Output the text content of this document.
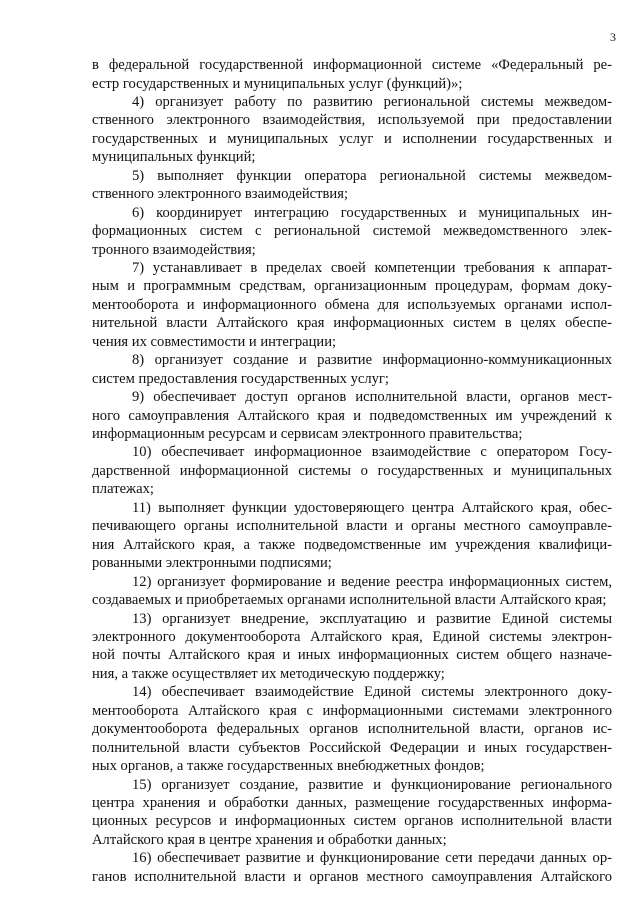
3
в федеральной государственной информационной системе «Федеральный ре-
естр государственных и муниципальных услуг (функций)»;
4) организует работу по развитию региональной системы межведом-
ственного электронного взаимодействия, используемой при предоставлении
государственных и муниципальных услуг и исполнении государственных и
муниципальных функций;
5) выполняет функции оператора региональной системы межведом-
ственного электронного взаимодействия;
6) координирует интеграцию государственных и муниципальных ин-
формационных систем с региональной системой межведомственного элек-
тронного взаимодействия;
7) устанавливает в пределах своей компетенции требования к аппарат-
ным и программным средствам, организационным процедурам, формам доку-
ментооборота и информационного обмена для используемых органами испол-
нительной власти Алтайского края информационных систем в целях обеспе-
чения их совместимости и интеграции;
8) организует создание и развитие информационно-коммуникационных
систем предоставления государственных услуг;
9) обеспечивает доступ органов исполнительной власти, органов мест-
ного самоуправления Алтайского края и подведомственных им учреждений к
информационным ресурсам и сервисам электронного правительства;
10) обеспечивает информационное взаимодействие с оператором Госу-
дарственной информационной системы о государственных и муниципальных
платежах;
11) выполняет функции удостоверяющего центра Алтайского края, обес-
печивающего органы исполнительной власти и органы местного самоуправле-
ния Алтайского края, а также подведомственные им учреждения квалифици-
рованными электронными подписями;
12) организует формирование и ведение реестра информационных систем,
создаваемых и приобретаемых органами исполнительной власти Алтайского края;
13) организует внедрение, эксплуатацию и развитие Единой системы
электронного документооборота Алтайского края, Единой системы электрон-
ной почты Алтайского края и иных информационных систем общего назначе-
ния, а также осуществляет их методическую поддержку;
14) обеспечивает взаимодействие Единой системы электронного доку-
ментооборота Алтайского края с информационными системами электронного
документооборота федеральных органов исполнительной власти, органов ис-
полнительной власти субъектов Российской Федерации и иных государствен-
ных органов, а также государственных внебюджетных фондов;
15) организует создание, развитие и функционирование регионального
центра хранения и обработки данных, размещение государственных информа-
ционных ресурсов и информационных систем органов исполнительной власти
Алтайского края в центре хранения и обработки данных;
16) обеспечивает развитие и функционирование сети передачи данных ор-
ганов исполнительной власти и органов местного самоуправления Алтайского
